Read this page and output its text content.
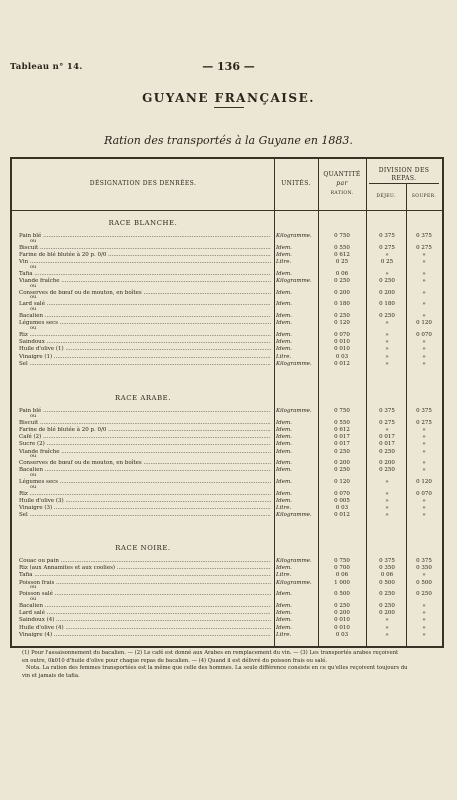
Tableau n° 14.	— 136 —
GUYANE FRANÇAISE.
Ration des transportés à la Guyane en 1883.
DÉSIGNATION DES DENRÉES.	UNITÉS.
QUANTITÉ
par
RATION.
DIVISION DES REPAS.
DÉJEU.	SOUPER.
RACE BLANCHE.
Pain blé .....	Kilogramme.	0 750	0 375	0 375
ou
Biscuit .....	Idem.	0 550	0 275	0 275
Farine de blé blutée à 20 p. 0/0 .....	Idem.	0 612	»	»
Vin .....	Litre.	0 25	0 25	»
ou
Tafia .....	Idem.	0 06	»	»
Viande fraîche .....	Kilogramme.	0 250	0 250	»
ou
Conserves de bœuf ou de mouton, en boîtes .....	Idem.	0 200	0 200	»
ou
Lard salé .....	Idem.	0 180	0 180	»
ou
Bacalien .....	Idem.	0 250	0 250	»
Légumes secs .....	Idem.	0 120	»	0 120
ou
Riz .....	Idem.	0 070	»	0 070
Saindoux .....	Idem.	0 010	»	»
Huile d'olive (1) .....	Idem.	0 010	»	»
Vinaigre (1) .....	Litre.	0 03	»	»
Sel .....	Kilogramme.	0 012	»	»
RACE ARABE.
Pain blé .....	Kilogramme.	0 750	0 375	0 375
ou
Biscuit .....	Idem.	0 550	0 275	0 275
Farine de blé blutée à 20 p. 0/0 .....	Idem.	0 612	»	»
Café (2) .....	Idem.	0 017	0 017	»
Sucre (2) .....	Idem.	0 017	0 017	»
Viande fraîche .....	Idem.	0 250	0 250	»
ou
Conserves de bœuf ou de mouton, en boîtes .....	Idem.	0 200	0 200	»
Bacalien .....	Idem.	0 250	0 250	»
ou
Légumes secs .....	Idem.	0 120	»	0 120
ou
Riz .....	Idem.	0 070	»	0 070
Huile d'olive (3) .....	Idem.	0 005	»	»
Vinaigre (3) .....	Litre.	0 03	»	»
Sel .....	Kilogramme.	0 012	»	»
RACE NOIRE.
Couac ou pain .....	Kilogramme.	0 750	0 375	0 375
Riz (aux Annamites et aux coolies) .....	Idem.	0 700	0 350	0 350
Tafia .....	Litre.	0 06	0 06	»
Poisson frais .....	Kilogramme.	1 000	0 500	0 500
ou
Poisson salé .....	Idem.	0 500	0 250	0 250
ou
Bacalien .....	Idem.	0 250	0 250	»
Lard salé .....	Idem.	0 200	0 200	»
Saindoux (4) .....	Idem.	0 010	»	»
Huile d'olive (4) .....	Idem.	0 010	»	»
Vinaigre (4) .....	Litre.	0 03	»	»
(1) Pour l'assaisonnement du bacalien. — (2) Le café est donné aux Arabes en remplacement du vin. — (3) Les transportés arabes reçoivent
en outre, 0k010 d'huile d'olive pour chaque repas de bacalien. — (4) Quand il est délivré du poisson frais ou salé.
Nota. La ration des femmes transportées est la même que celle des hommes. La seule différence consiste en ce qu'elles reçoivent toujours du
vin et jamais de tafia.
